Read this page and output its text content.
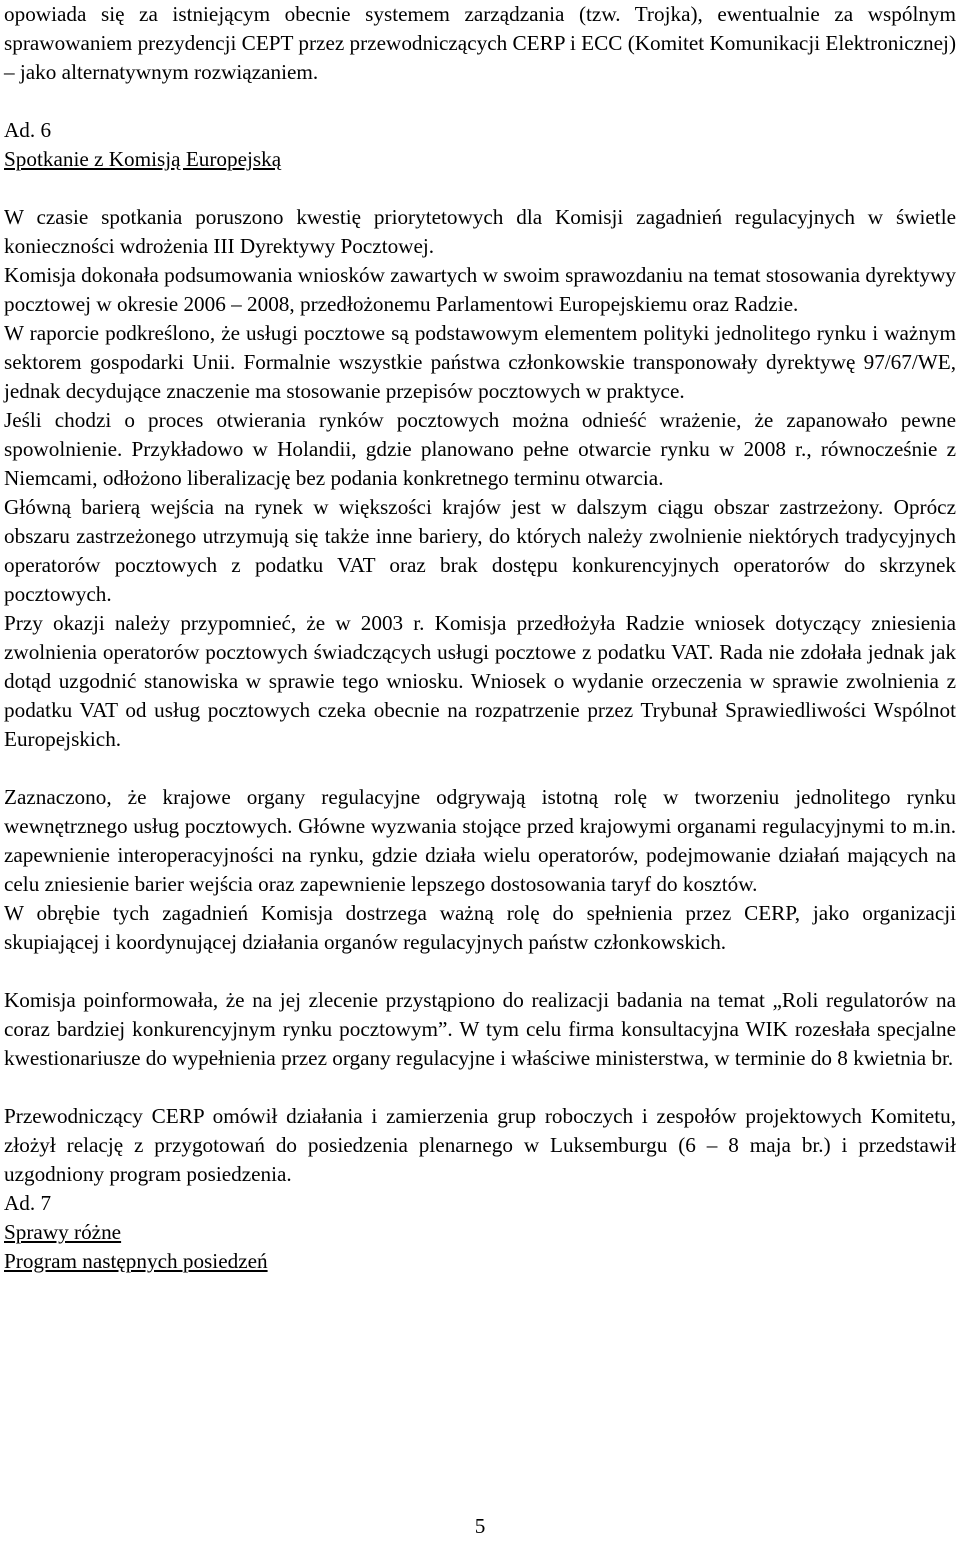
opowiada się za istniejącym obecnie systemem zarządzania (tzw. Trojka), ewentualnie za wspólnym sprawowaniem prezydencji CEPT przez przewodniczących CERP i ECC (Komitet Komunikacji Elektronicznej) – jako alternatywnym rozwiązaniem.

Ad. 6

Spotkanie z Komisją Europejską

W czasie spotkania poruszono kwestię priorytetowych dla Komisji zagadnień regulacyjnych w świetle konieczności wdrożenia III Dyrektywy Pocztowej.

Komisja dokonała podsumowania wniosków zawartych w swoim sprawozdaniu na temat stosowania dyrektywy pocztowej w okresie 2006 – 2008, przedłożonemu Parlamentowi Europejskiemu oraz Radzie.

W raporcie podkreślono, że usługi pocztowe są podstawowym elementem polityki jednolitego rynku i ważnym sektorem gospodarki Unii. Formalnie wszystkie państwa członkowskie transponowały dyrektywę 97/67/WE, jednak decydujące znaczenie ma stosowanie przepisów pocztowych w praktyce.

Jeśli chodzi o proces otwierania rynków pocztowych można odnieść wrażenie, że zapanowało pewne spowolnienie. Przykładowo w Holandii, gdzie planowano pełne otwarcie rynku w 2008 r., równocześnie z Niemcami, odłożono liberalizację bez podania konkretnego terminu otwarcia.

Główną barierą wejścia na rynek w większości krajów jest w dalszym ciągu obszar zastrzeżony. Oprócz obszaru zastrzeżonego utrzymują się także inne bariery, do których należy zwolnienie niektórych tradycyjnych operatorów pocztowych z podatku VAT oraz brak dostępu konkurencyjnych operatorów do skrzynek pocztowych.

Przy okazji należy przypomnieć, że w 2003 r. Komisja przedłożyła Radzie wniosek dotyczący zniesienia zwolnienia operatorów pocztowych świadczących usługi pocztowe z podatku VAT. Rada nie zdołała jednak jak dotąd uzgodnić stanowiska w sprawie tego wniosku. Wniosek o wydanie orzeczenia w sprawie zwolnienia z podatku VAT od usług pocztowych czeka obecnie na rozpatrzenie przez Trybunał Sprawiedliwości Wspólnot Europejskich.

Zaznaczono, że krajowe organy regulacyjne odgrywają istotną rolę w tworzeniu jednolitego rynku wewnętrznego usług pocztowych. Główne wyzwania stojące przed krajowymi organami regulacyjnymi to m.in. zapewnienie interoperacyjności na rynku, gdzie działa wielu operatorów, podejmowanie działań mających na celu zniesienie barier wejścia oraz zapewnienie lepszego dostosowania taryf do kosztów.

W obrębie tych zagadnień Komisja dostrzega ważną rolę do spełnienia przez CERP, jako organizacji skupiającej i koordynującej działania organów regulacyjnych państw członkowskich.

Komisja poinformowała, że na jej zlecenie przystąpiono do realizacji badania na temat „Roli regulatorów na coraz bardziej konkurencyjnym rynku pocztowym”. W tym celu firma konsultacyjna WIK rozesłała specjalne kwestionariusze do wypełnienia przez organy regulacyjne i właściwe ministerstwa, w terminie do 8 kwietnia br.

Przewodniczący CERP omówił działania i zamierzenia grup roboczych i zespołów projektowych Komitetu, złożył relację z przygotowań do posiedzenia plenarnego w Luksemburgu (6 – 8 maja br.) i przedstawił uzgodniony program posiedzenia.

Ad. 7

Sprawy różne

Program następnych posiedzeń

5
